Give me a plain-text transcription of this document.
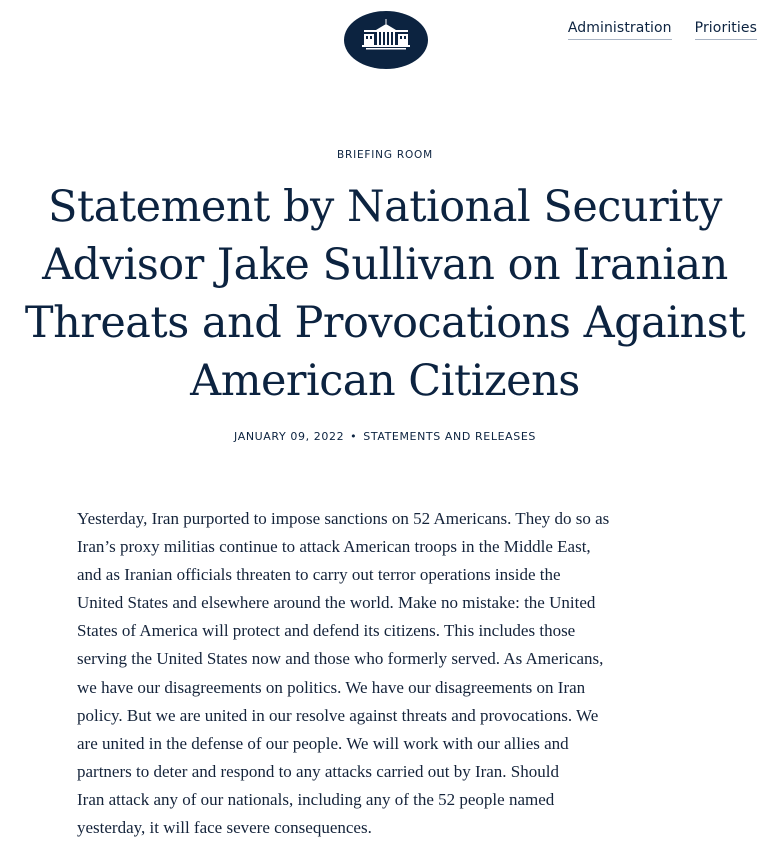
Administration Priorities
BRIEFING ROOM
Statement by National Security Advisor Jake Sullivan on Iranian Threats and Provocations Against American Citizens
JANUARY 09, 2022 • STATEMENTS AND RELEASES

Yesterday, Iran purported to impose sanctions on 52 Americans. They do so as
Iran’s proxy militias continue to attack American troops in the Middle East,
and as Iranian officials threaten to carry out terror operations inside the
United States and elsewhere around the world. Make no mistake: the United
States of America will protect and defend its citizens. This includes those
serving the United States now and those who formerly served. As Americans,
we have our disagreements on politics. We have our disagreements on Iran
policy. But we are united in our resolve against threats and provocations. We
are united in the defense of our people. We will work with our allies and
partners to deter and respond to any attacks carried out by Iran. Should
Iran attack any of our nationals, including any of the 52 people named
yesterday, it will face severe consequences.
